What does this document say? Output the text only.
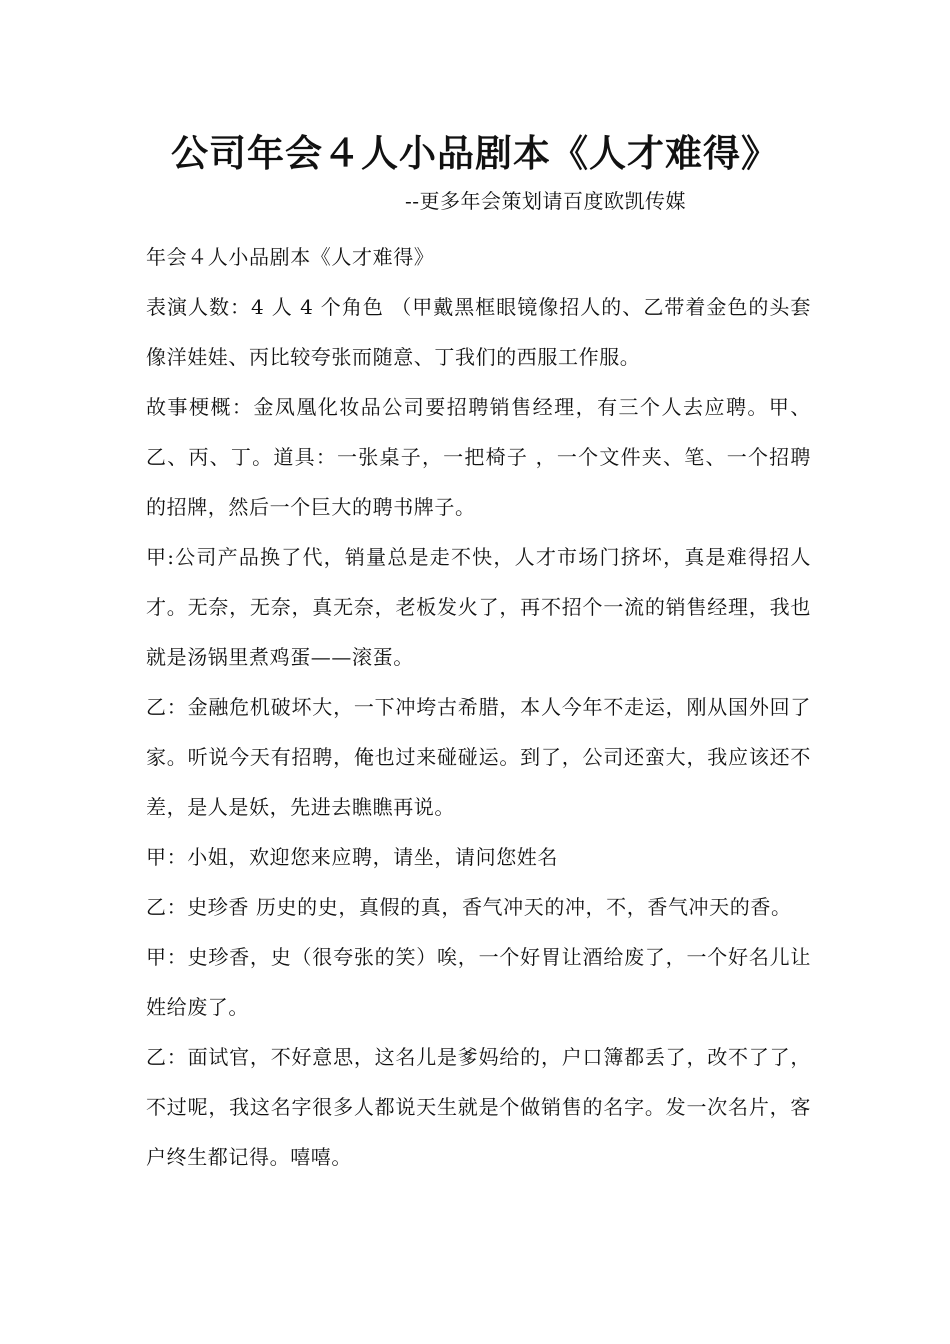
公司年会４人小品剧本《人才难得》
--更多年会策划请百度欧凯传媒

年会４人小品剧本《人才难得》

表演人数：4 人 4 个角色 （甲戴黑框眼镜像招人的、乙带着金色的头套像洋娃娃、丙比较夸张而随意、丁我们的西服工作服。

故事梗概：金凤凰化妆品公司要招聘销售经理，有三个人去应聘。甲、乙、丙、丁。道具：一张桌子，一把椅子 ，一个文件夹、笔、一个招聘的招牌，然后一个巨大的聘书牌子。

甲:公司产品换了代，销量总是走不快，人才市场门挤坏，真是难得招人才。无奈，无奈，真无奈，老板发火了，再不招个一流的销售经理，我也就是汤锅里煮鸡蛋——滚蛋。

乙：金融危机破坏大，一下冲垮古希腊，本人今年不走运，刚从国外回了家。听说今天有招聘，俺也过来碰碰运。到了，公司还蛮大，我应该还不差，是人是妖，先进去瞧瞧再说。

甲：小姐，欢迎您来应聘，请坐，请问您姓名

乙：史珍香 历史的史，真假的真，香气冲天的冲，不，香气冲天的香。

甲：史珍香，史（很夸张的笑）唉，一个好胃让酒给废了，一个好名儿让姓给废了。

乙：面试官，不好意思，这名儿是爹妈给的，户口簿都丢了，改不了了，不过呢，我这名字很多人都说天生就是个做销售的名字。发一次名片，客户终生都记得。嘻嘻。
